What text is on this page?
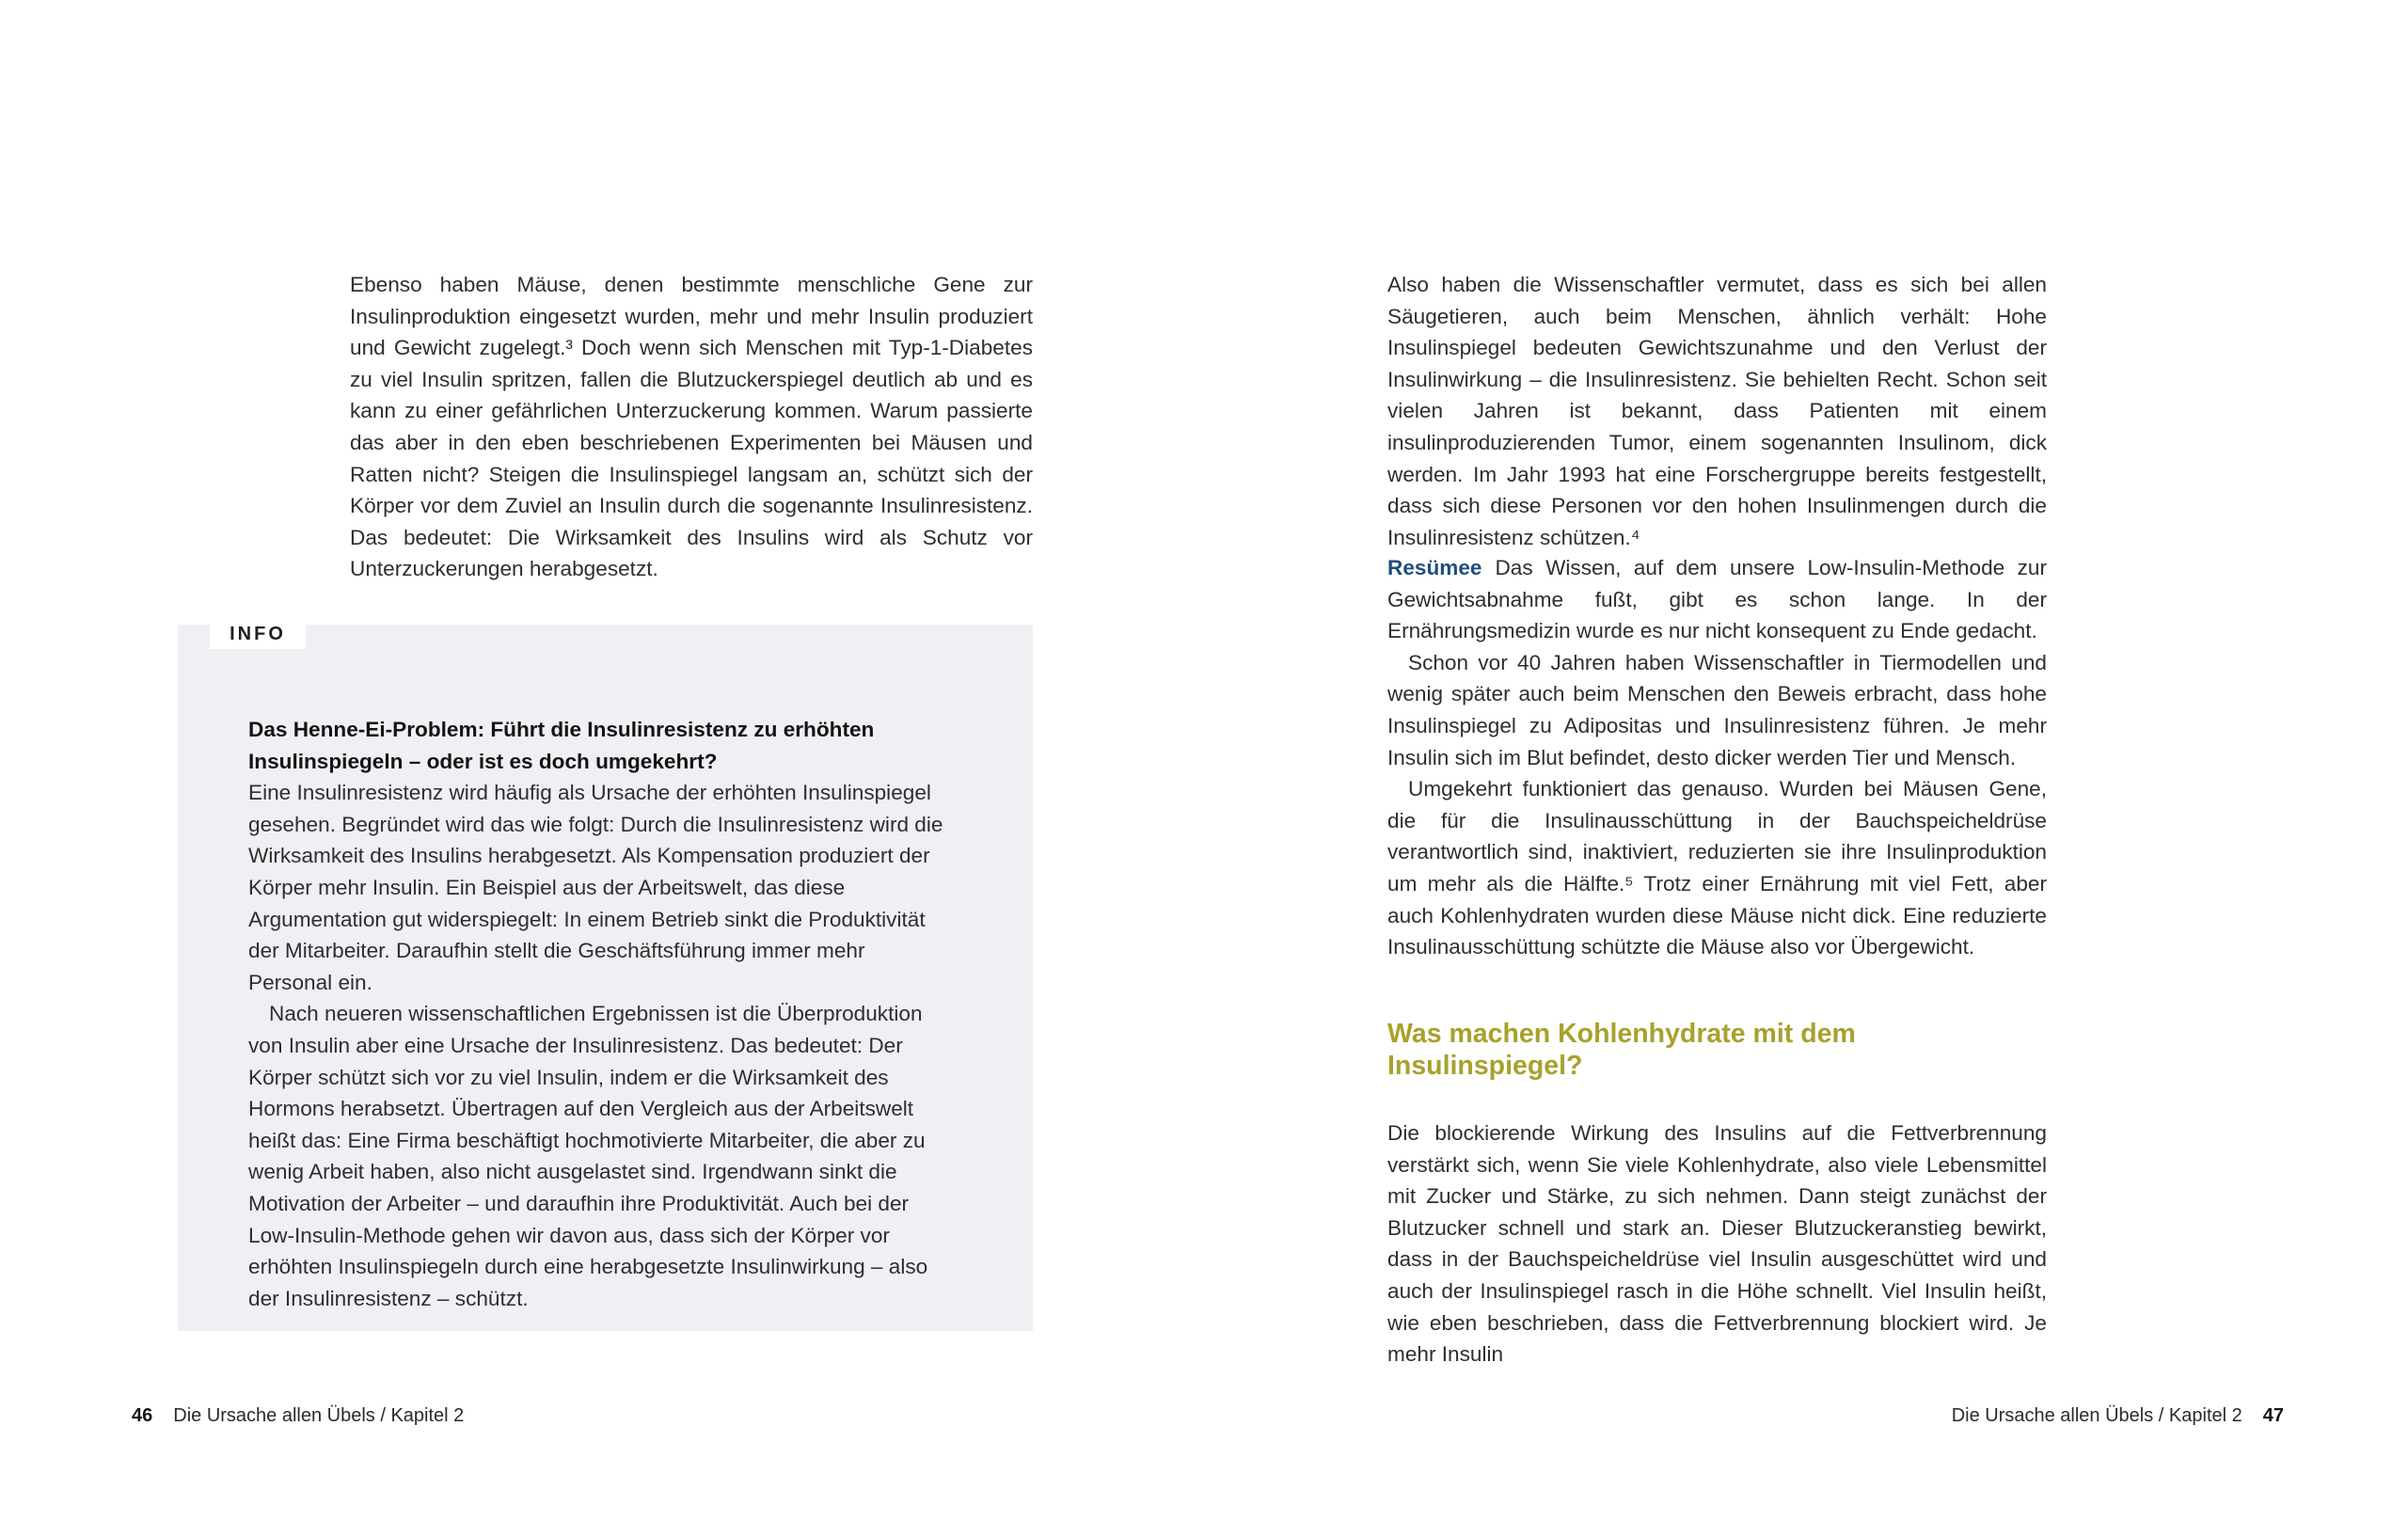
Ebenso haben Mäuse, denen bestimmte menschliche Gene zur Insulinproduktion eingesetzt wurden, mehr und mehr Insulin produziert und Gewicht zugelegt.³ Doch wenn sich Menschen mit Typ-1-Diabetes zu viel Insulin spritzen, fallen die Blutzuckerspiegel deutlich ab und es kann zu einer gefährlichen Unterzuckerung kommen. Warum passierte das aber in den eben beschriebenen Experimenten bei Mäusen und Ratten nicht? Steigen die Insulinspiegel langsam an, schützt sich der Körper vor dem Zuviel an Insulin durch die sogenannte Insulinresistenz. Das bedeutet: Die Wirksamkeit des Insulins wird als Schutz vor Unterzuckerungen herabgesetzt.

INFO

Das Henne-Ei-Problem: Führt die Insulinresistenz zu erhöhten Insulinspiegeln – oder ist es doch umgekehrt?

Eine Insulinresistenz wird häufig als Ursache der erhöhten Insulinspiegel gesehen. Begründet wird das wie folgt: Durch die Insulinresistenz wird die Wirksamkeit des Insulins herabgesetzt. Als Kompensation produziert der Körper mehr Insulin. Ein Beispiel aus der Arbeitswelt, das diese Argumentation gut widerspiegelt: In einem Betrieb sinkt die Produktivität der Mitarbeiter. Daraufhin stellt die Geschäftsführung immer mehr Personal ein.

Nach neueren wissenschaftlichen Ergebnissen ist die Überproduktion von Insulin aber eine Ursache der Insulinresistenz. Das bedeutet: Der Körper schützt sich vor zu viel Insulin, indem er die Wirksamkeit des Hormons herabsetzt. Übertragen auf den Vergleich aus der Arbeitswelt heißt das: Eine Firma beschäftigt hochmotivierte Mitarbeiter, die aber zu wenig Arbeit haben, also nicht ausgelastet sind. Irgendwann sinkt die Motivation der Arbeiter – und daraufhin ihre Produktivität. Auch bei der Low-Insulin-Methode gehen wir davon aus, dass sich der Körper vor erhöhten Insulinspiegeln durch eine herabgesetzte Insulinwirkung – also der Insulinresistenz – schützt.

46 Die Ursache allen Übels / Kapitel 2

Also haben die Wissenschaftler vermutet, dass es sich bei allen Säugetieren, auch beim Menschen, ähnlich verhält: Hohe Insulinspiegel bedeuten Gewichtszunahme und den Verlust der Insulinwirkung – die Insulinresistenz. Sie behielten Recht. Schon seit vielen Jahren ist bekannt, dass Patienten mit einem insulinproduzierenden Tumor, einem sogenannten Insulinom, dick werden. Im Jahr 1993 hat eine Forschergruppe bereits festgestellt, dass sich diese Personen vor den hohen Insulinmengen durch die Insulinresistenz schützen.⁴

Resümee Das Wissen, auf dem unsere Low-Insulin-Methode zur Gewichtsabnahme fußt, gibt es schon lange. In der Ernährungsmedizin wurde es nur nicht konsequent zu Ende gedacht.

Schon vor 40 Jahren haben Wissenschaftler in Tiermodellen und wenig später auch beim Menschen den Beweis erbracht, dass hohe Insulinspiegel zu Adipositas und Insulinresistenz führen. Je mehr Insulin sich im Blut befindet, desto dicker werden Tier und Mensch.

Umgekehrt funktioniert das genauso. Wurden bei Mäusen Gene, die für die Insulinausschüttung in der Bauchspeicheldrüse verantwortlich sind, inaktiviert, reduzierten sie ihre Insulinproduktion um mehr als die Hälfte.⁵ Trotz einer Ernährung mit viel Fett, aber auch Kohlenhydraten wurden diese Mäuse nicht dick. Eine reduzierte Insulinausschüttung schützte die Mäuse also vor Übergewicht.

Was machen Kohlenhydrate mit dem Insulinspiegel?

Die blockierende Wirkung des Insulins auf die Fettverbrennung verstärkt sich, wenn Sie viele Kohlenhydrate, also viele Lebensmittel mit Zucker und Stärke, zu sich nehmen. Dann steigt zunächst der Blutzucker schnell und stark an. Dieser Blutzuckeranstieg bewirkt, dass in der Bauchspeicheldrüse viel Insulin ausgeschüttet wird und auch der Insulinspiegel rasch in die Höhe schnellt. Viel Insulin heißt, wie eben beschrieben, dass die Fettverbrennung blockiert wird. Je mehr Insulin

Die Ursache allen Übels / Kapitel 2 47
